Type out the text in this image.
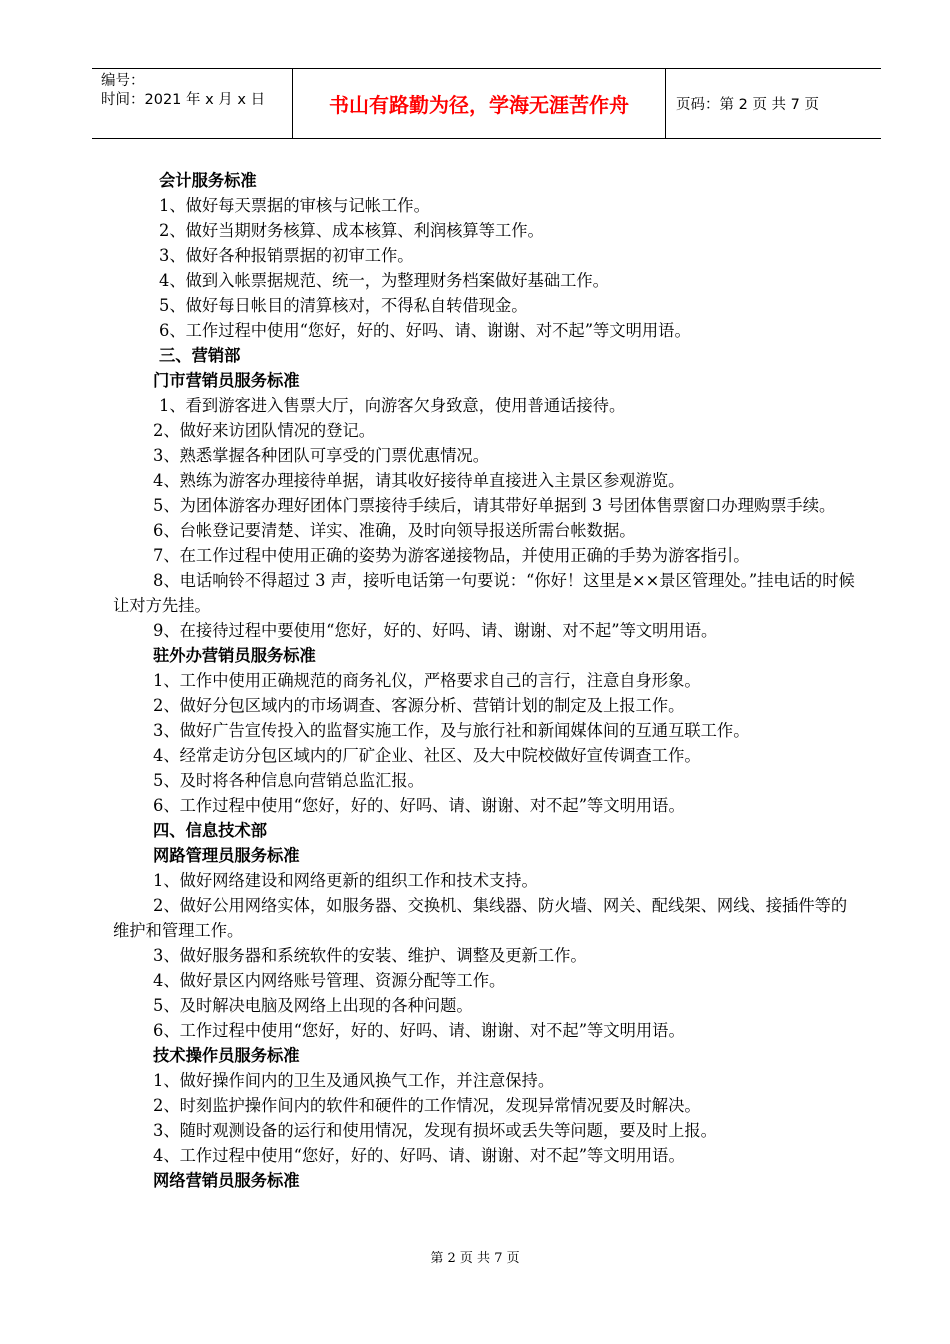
编号：
时间：2021 年 x 月 x 日	书山有路勤为径，学海无涯苦作舟	页码：第 2 页 共 7 页

会计服务标准

1、做好每天票据的审核与记帐工作。

2、做好当期财务核算、成本核算、利润核算等工作。

3、做好各种报销票据的初审工作。

4、做到入帐票据规范、统一，为整理财务档案做好基础工作。

5、做好每日帐目的清算核对，不得私自转借现金。

6、工作过程中使用“您好，好的、好吗、请、谢谢、对不起”等文明用语。

三、营销部

门市营销员服务标准

1、看到游客进入售票大厅，向游客欠身致意，使用普通话接待。

2、做好来访团队情况的登记。

3、熟悉掌握各种团队可享受的门票优惠情况。

4、熟练为游客办理接待单据，请其收好接待单直接进入主景区参观游览。

5、为团体游客办理好团体门票接待手续后，请其带好单据到 3 号团体售票窗口办理购票手续。

6、台帐登记要清楚、详实、准确，及时向领导报送所需台帐数据。

7、在工作过程中使用正确的姿势为游客递接物品，并使用正确的手势为游客指引。

8、电话响铃不得超过 3 声，接听电话第一句要说：“你好！这里是××景区管理处。”挂电话的时候让对方先挂。

9、在接待过程中要使用“您好，好的、好吗、请、谢谢、对不起”等文明用语。

驻外办营销员服务标准

1、工作中使用正确规范的商务礼仪，严格要求自己的言行，注意自身形象。

2、做好分包区域内的市场调查、客源分析、营销计划的制定及上报工作。

3、做好广告宣传投入的监督实施工作，及与旅行社和新闻媒体间的互通互联工作。

4、经常走访分包区域内的厂矿企业、社区、及大中院校做好宣传调查工作。

5、及时将各种信息向营销总监汇报。

6、工作过程中使用“您好，好的、好吗、请、谢谢、对不起”等文明用语。

四、信息技术部

网路管理员服务标准

1、做好网络建设和网络更新的组织工作和技术支持。

2、做好公用网络实体，如服务器、交换机、集线器、防火墙、网关、配线架、网线、接插件等的维护和管理工作。

3、做好服务器和系统软件的安装、维护、调整及更新工作。

4、做好景区内网络账号管理、资源分配等工作。

5、及时解决电脑及网络上出现的各种问题。

6、工作过程中使用“您好，好的、好吗、请、谢谢、对不起”等文明用语。

技术操作员服务标准

1、做好操作间内的卫生及通风换气工作，并注意保持。

2、时刻监护操作间内的软件和硬件的工作情况，发现异常情况要及时解决。

3、随时观测设备的运行和使用情况，发现有损坏或丢失等问题，要及时上报。

4、工作过程中使用“您好，好的、好吗、请、谢谢、对不起”等文明用语。

网络营销员服务标准

第 2 页 共 7 页
